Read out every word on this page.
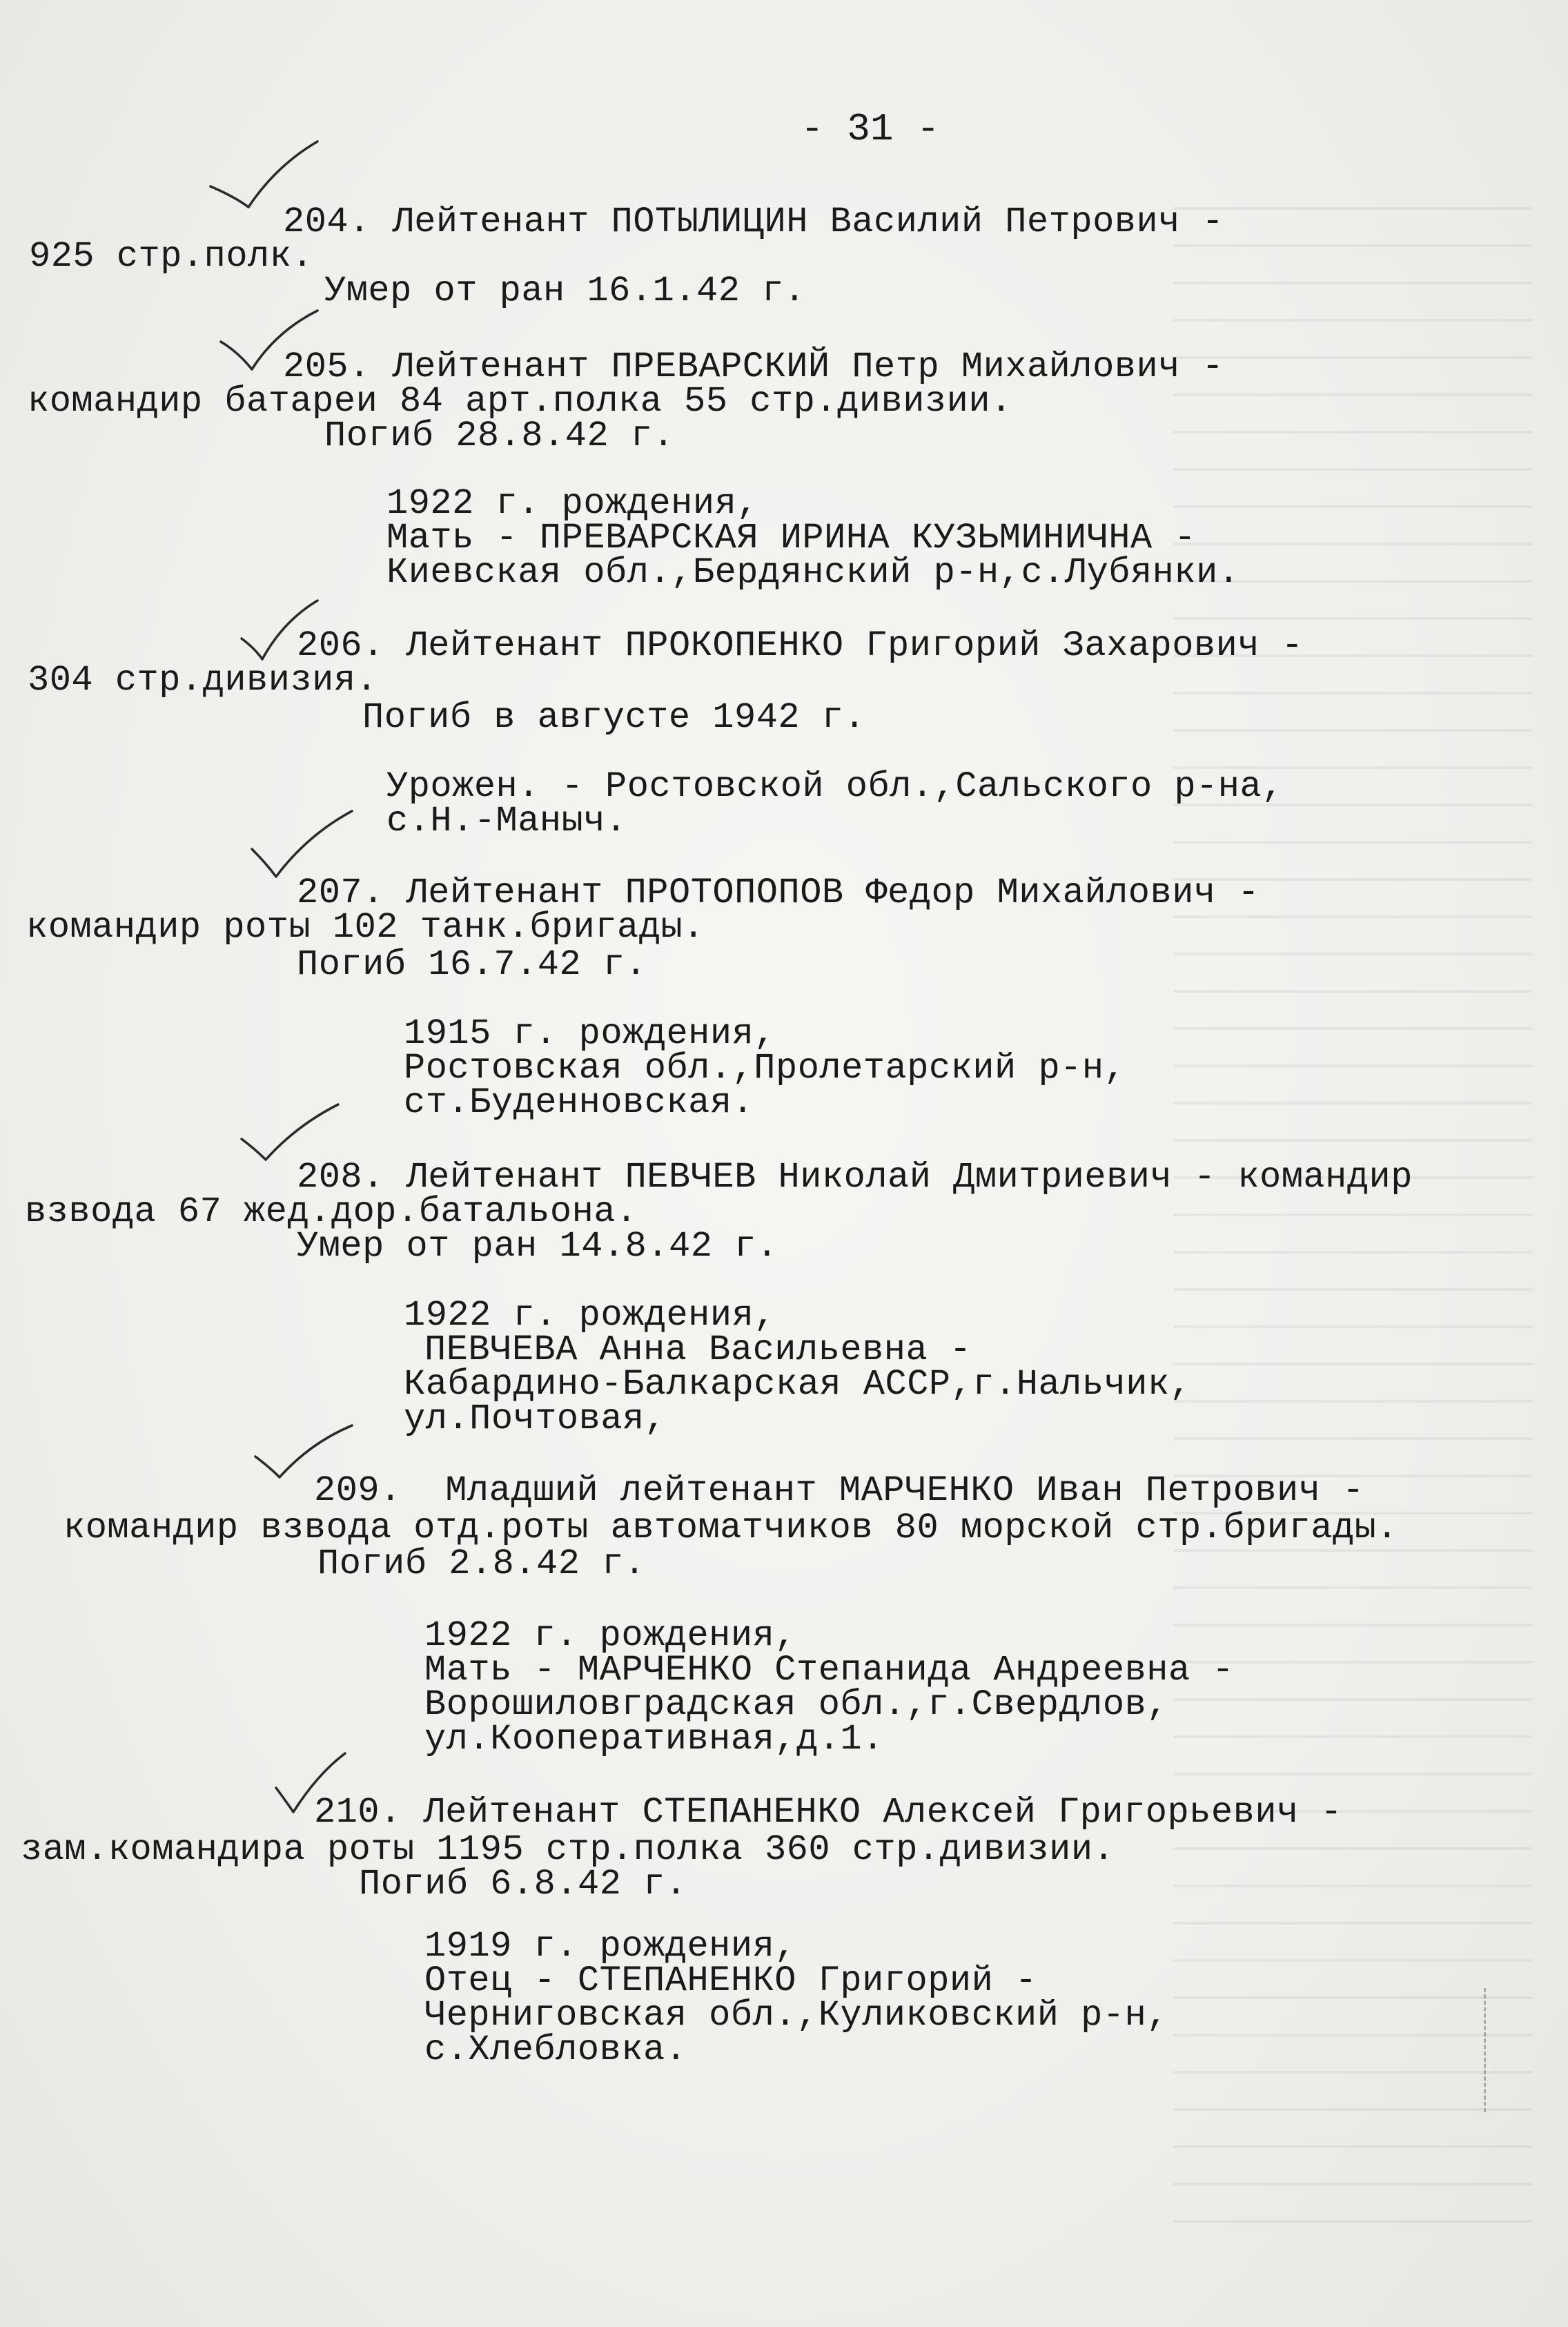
- 31 -
204. Лейтенант ПОТЫЛИЦИН Василий Петрович -
925 стр.полк.
Умер от ран 16.1.42 г.
205. Лейтенант ПРЕВАРСКИЙ Петр Михайлович -
командир батареи 84 арт.полка 55 стр.дивизии.
Погиб 28.8.42 г.
1922 г. рождения,
Мать - ПРЕВАРСКАЯ ИРИНА КУЗЬМИНИЧНА -
Киевская обл.,Бердянский р-н,с.Лубянки.
206. Лейтенант ПРОКОПЕНКО Григорий Захарович -
304 стр.дивизия.
Погиб в августе 1942 г.
Урожен. - Ростовской обл.,Сальского р-на,
с.Н.-Маныч.
207. Лейтенант ПРОТОПОПОВ Федор Михайлович -
командир роты 102 танк.бригады.
Погиб 16.7.42 г.
1915 г. рождения,
Ростовская обл.,Пролетарский р-н,
ст.Буденновская.
208. Лейтенант ПЕВЧЕВ Николай Дмитриевич - командир
взвода 67 жед.дор.батальона.
Умер от ран 14.8.42 г.
1922 г. рождения,
ПЕВЧЕВА Анна Васильевна -
Кабардино-Балкарская АССР,г.Нальчик,
ул.Почтовая,
209.  Младший лейтенант МАРЧЕНКО Иван Петрович -
командир взвода отд.роты автоматчиков 80 морской стр.бригады.
Погиб 2.8.42 г.
1922 г. рождения,
Мать - МАРЧЕНКО Степанида Андреевна -
Ворошиловградская обл.,г.Свердлов,
ул.Кооперативная,д.1.
210. Лейтенант СТЕПАНЕНКО Алексей Григорьевич -
зам.командира роты 1195 стр.полка 360 стр.дивизии.
Погиб 6.8.42 г.
1919 г. рождения,
Отец - СТЕПАНЕНКО Григорий -
Черниговская обл.,Куликовский р-н,
с.Хлебловка.
